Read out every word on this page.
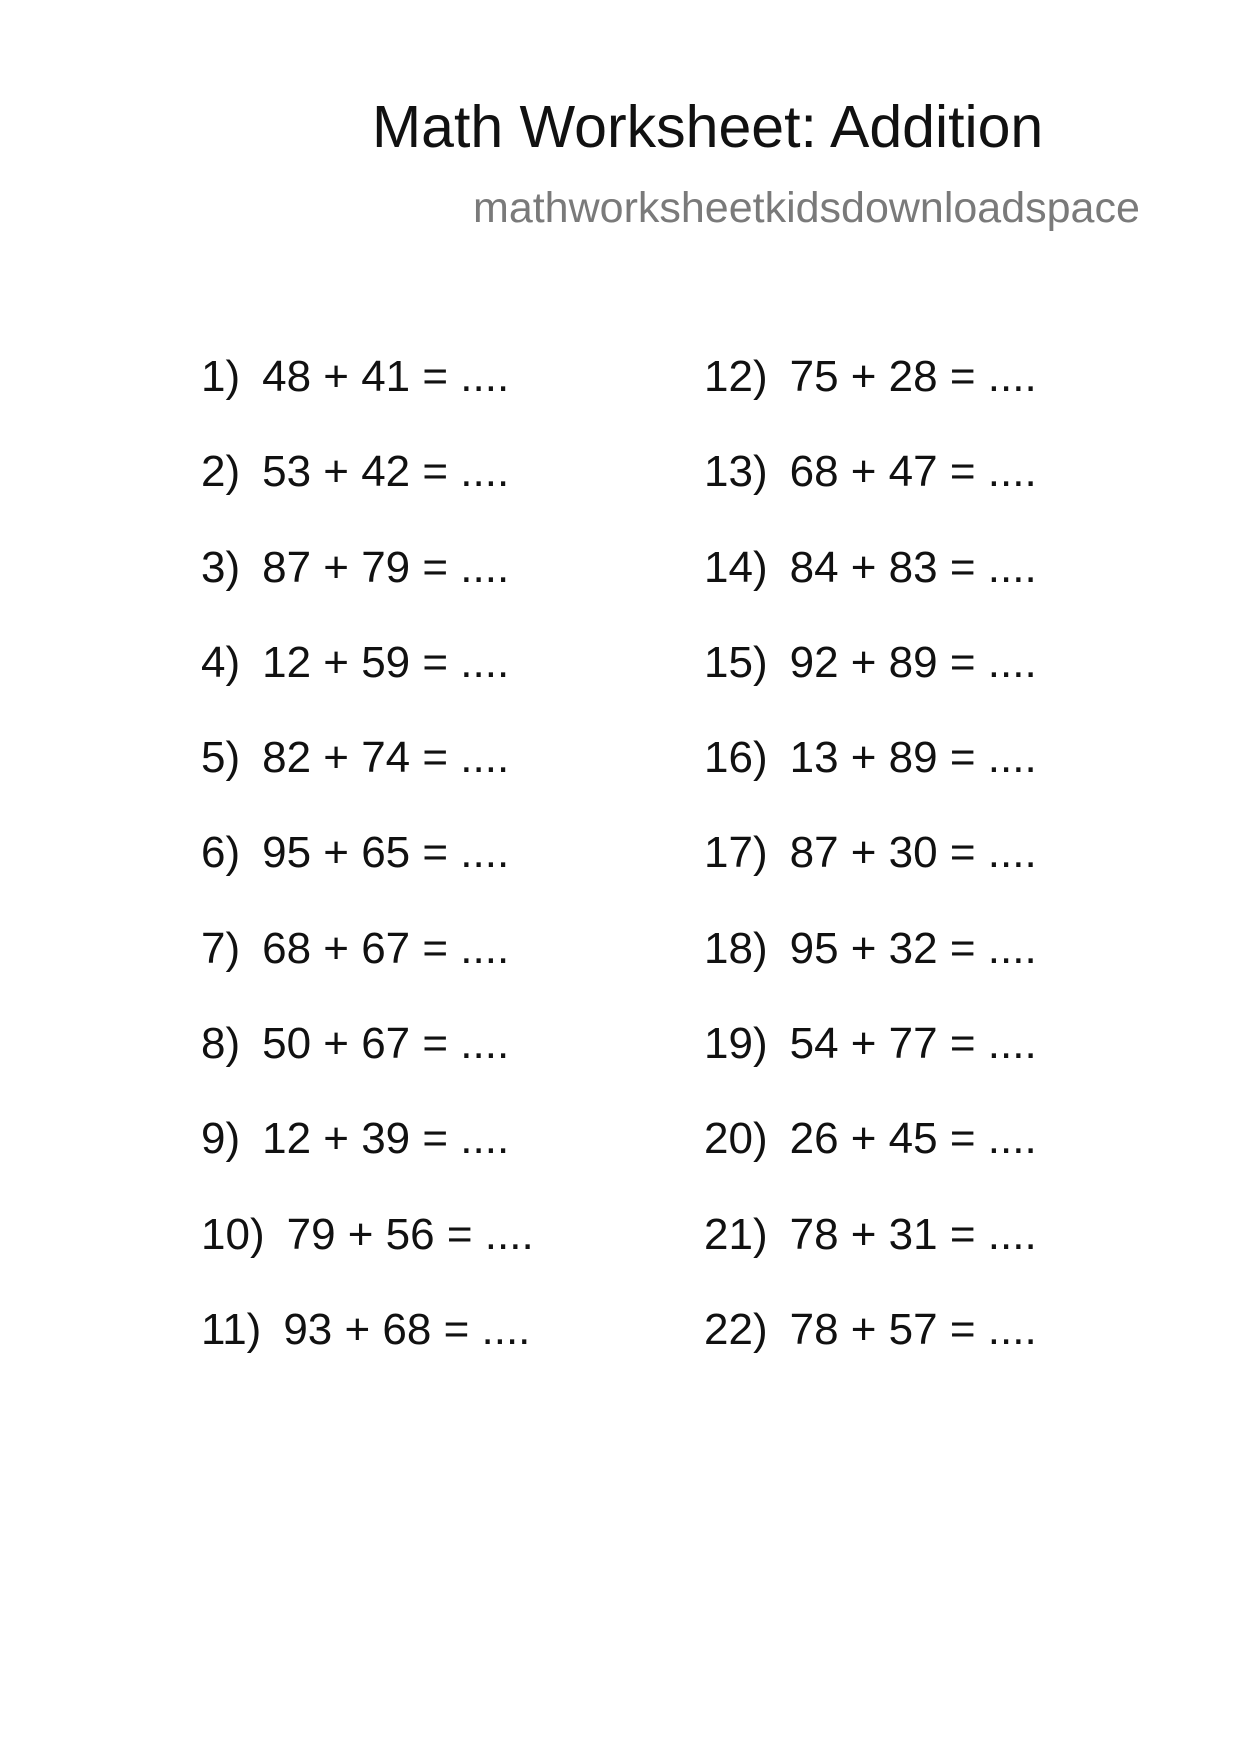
Math Worksheet: Addition
mathworksheetkidsdownloadspace
1) 48 + 41 = ....
2) 53 + 42 = ....
3) 87 + 79 = ....
4) 12 + 59 = ....
5) 82 + 74 = ....
6) 95 + 65 = ....
7) 68 + 67 = ....
8) 50 + 67 = ....
9) 12 + 39 = ....
10) 79 + 56 = ....
11) 93 + 68 = ....
12) 75 + 28 = ....
13) 68 + 47 = ....
14) 84 + 83 = ....
15) 92 + 89 = ....
16) 13 + 89 = ....
17) 87 + 30 = ....
18) 95 + 32 = ....
19) 54 + 77 = ....
20) 26 + 45 = ....
21) 78 + 31 = ....
22) 78 + 57 = ....
